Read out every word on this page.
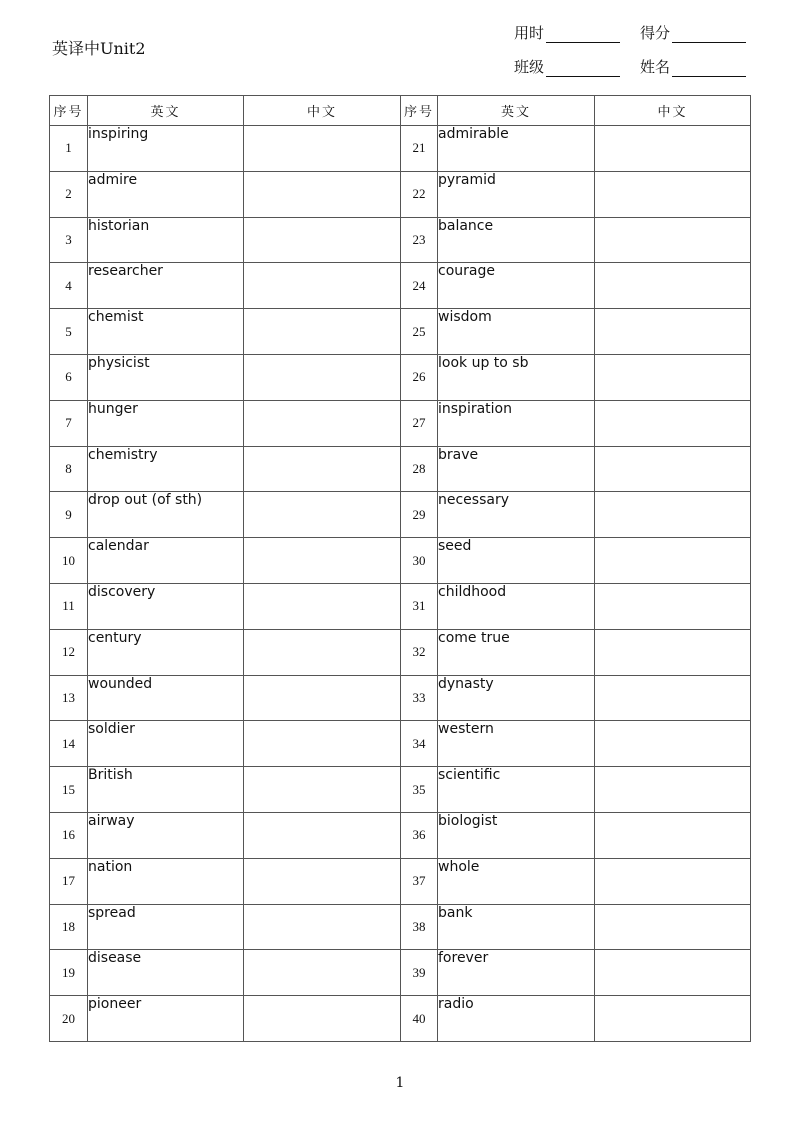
英译中Unit2
用时	得分
班级	姓名
序号	英文	中文	序号	英文	中文
1	inspiring		21	admirable	
2	admire		22	pyramid	
3	historian		23	balance	
4	researcher		24	courage	
5	chemist		25	wisdom	
6	physicist		26	look up to sb	
7	hunger		27	inspiration	
8	chemistry		28	brave	
9	drop out (of sth)		29	necessary	
10	calendar		30	seed	
11	discovery		31	childhood	
12	century		32	come true	
13	wounded		33	dynasty	
14	soldier		34	western	
15	British		35	scientific	
16	airway		36	biologist	
17	nation		37	whole	
18	spread		38	bank	
19	disease		39	forever	
20	pioneer		40	radio	
1
